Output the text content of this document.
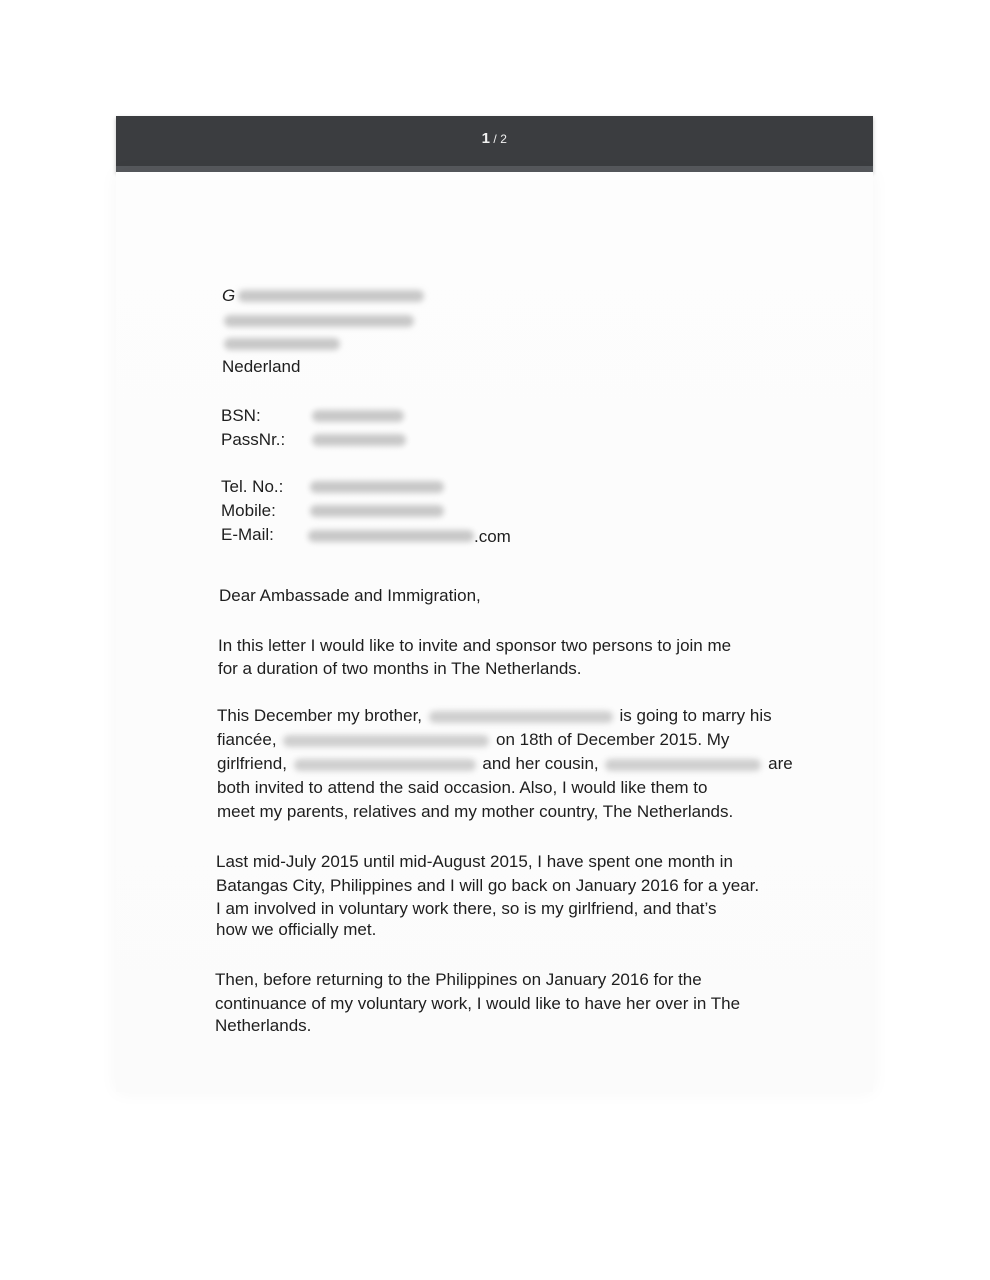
1 / 2
G
Nederland
BSN:
PassNr.:
Tel. No.:
Mobile:
E-Mail:	.com
Dear Ambassade and Immigration,
In this letter I would like to invite and sponsor two persons to join me
for a duration of two months in The Netherlands.
This December my brother,	is going to marry his
fiancée,	on 18th of December 2015. My
girlfriend,	and her cousin,	are
both invited to attend the said occasion. Also, I would like them to
meet my parents, relatives and my mother country, The Netherlands.
Last mid-July 2015 until mid-August 2015, I have spent one month in
Batangas City, Philippines and I will go back on January 2016 for a year.
I am involved in voluntary work there, so is my girlfriend, and that’s
how we officially met.
Then, before returning to the Philippines on January 2016 for the
continuance of my voluntary work, I would like to have her over in The
Netherlands.
